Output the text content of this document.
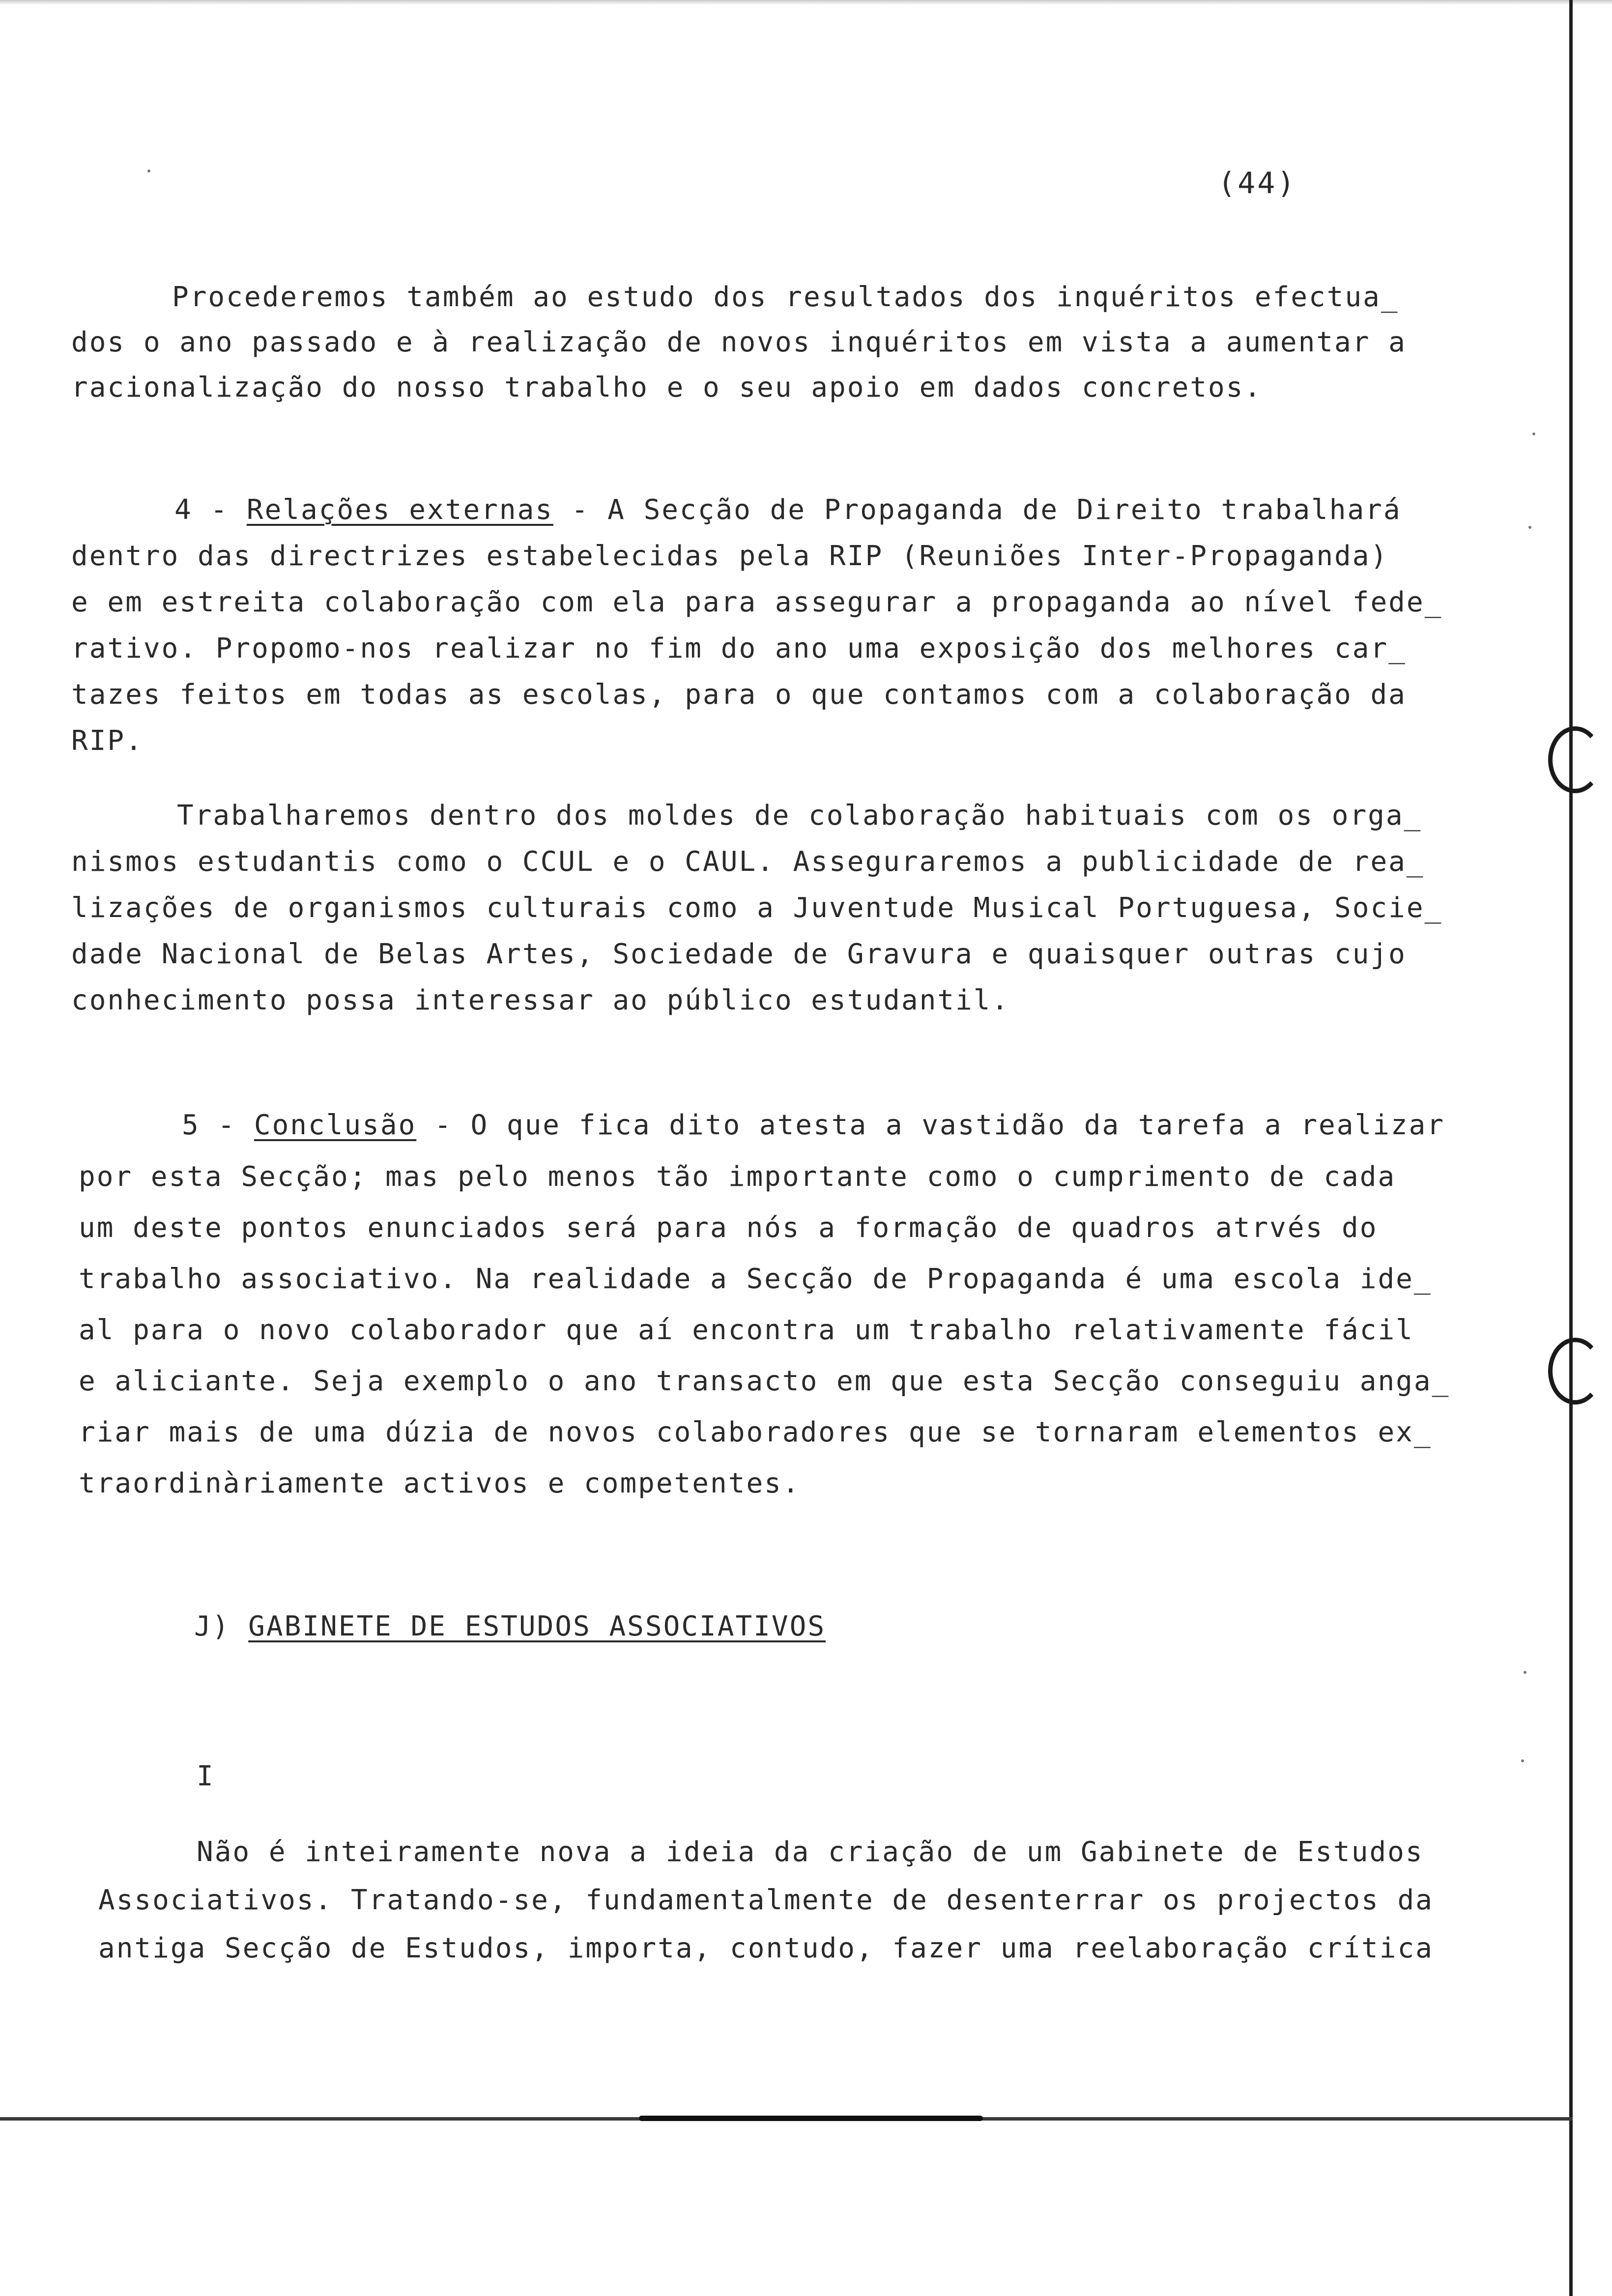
(44)

Procederemos também ao estudo dos resultados dos inquéritos efectua_

dos o ano passado e à realização de novos inquéritos em vista a aumentar a

racionalização do nosso trabalho e o seu apoio em dados concretos.

4 - Relações externas - A Secção de Propaganda de Direito trabalhará

dentro das directrizes estabelecidas pela RIP (Reuniões Inter-Propaganda)

e em estreita colaboração com ela para assegurar a propaganda ao nível fede_

rativo. Propomo-nos realizar no fim do ano uma exposição dos melhores car_

tazes feitos em todas as escolas, para o que contamos com a colaboração da

RIP.

Trabalharemos dentro dos moldes de colaboração habituais com os orga_

nismos estudantis como o CCUL e o CAUL. Asseguraremos a publicidade de rea_

lizações de organismos culturais como a Juventude Musical Portuguesa, Socie_

dade Nacional de Belas Artes, Sociedade de Gravura e quaisquer outras cujo

conhecimento possa interessar ao público estudantil.

5 - Conclusão - O que fica dito atesta a vastidão da tarefa a realizar

por esta Secção; mas pelo menos tão importante como o cumprimento de cada

um deste pontos enunciados será para nós a formação de quadros atrvés do

trabalho associativo. Na realidade a Secção de Propaganda é uma escola ide_

al para o novo colaborador que aí encontra um trabalho relativamente fácil

e aliciante. Seja exemplo o ano transacto em que esta Secção conseguiu anga_

riar mais de uma dúzia de novos colaboradores que se tornaram elementos ex_

traordinàriamente activos e competentes.

J) GABINETE DE ESTUDOS ASSOCIATIVOS

I

Não é inteiramente nova a ideia da criação de um Gabinete de Estudos

Associativos. Tratando-se, fundamentalmente de desenterrar os projectos da

antiga Secção de Estudos, importa, contudo, fazer uma reelaboração crítica
